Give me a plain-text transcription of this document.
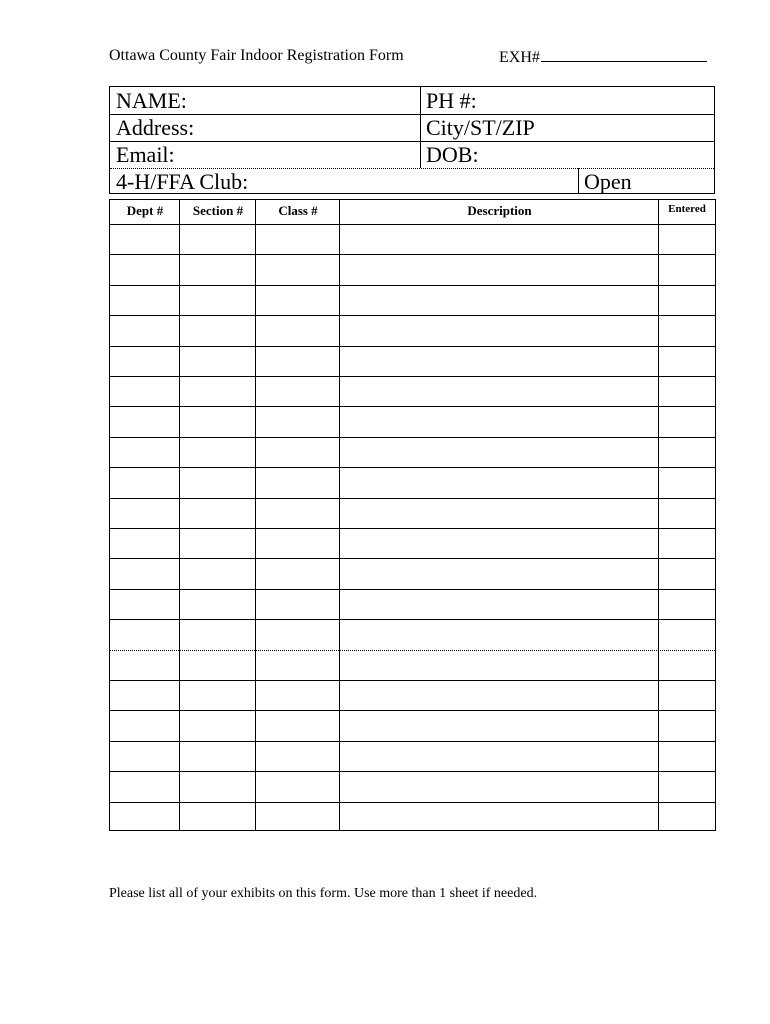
Ottawa County Fair Indoor Registration Form	EXH#
NAME:	PH #:
Address:	City/ST/ZIP
Email:	DOB:
4-H/FFA Club:	Open
Dept #	Section #	Class #	Description	Entered
Please list all of your exhibits on this form. Use more than 1 sheet if needed.
